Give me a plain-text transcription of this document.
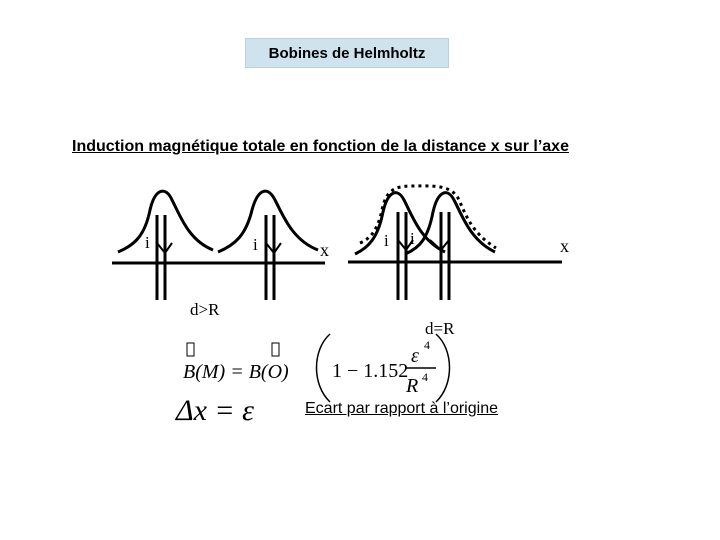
Bobines de Helmholtz
Induction magnétique totale en fonction de la distance x sur l’axe
i	i	x
d>R
i i	x
d=R
B(M) = B(O) 1 − 1.152
ε 4
R 4
Δx = ε	Ecart par rapport à l’origine
